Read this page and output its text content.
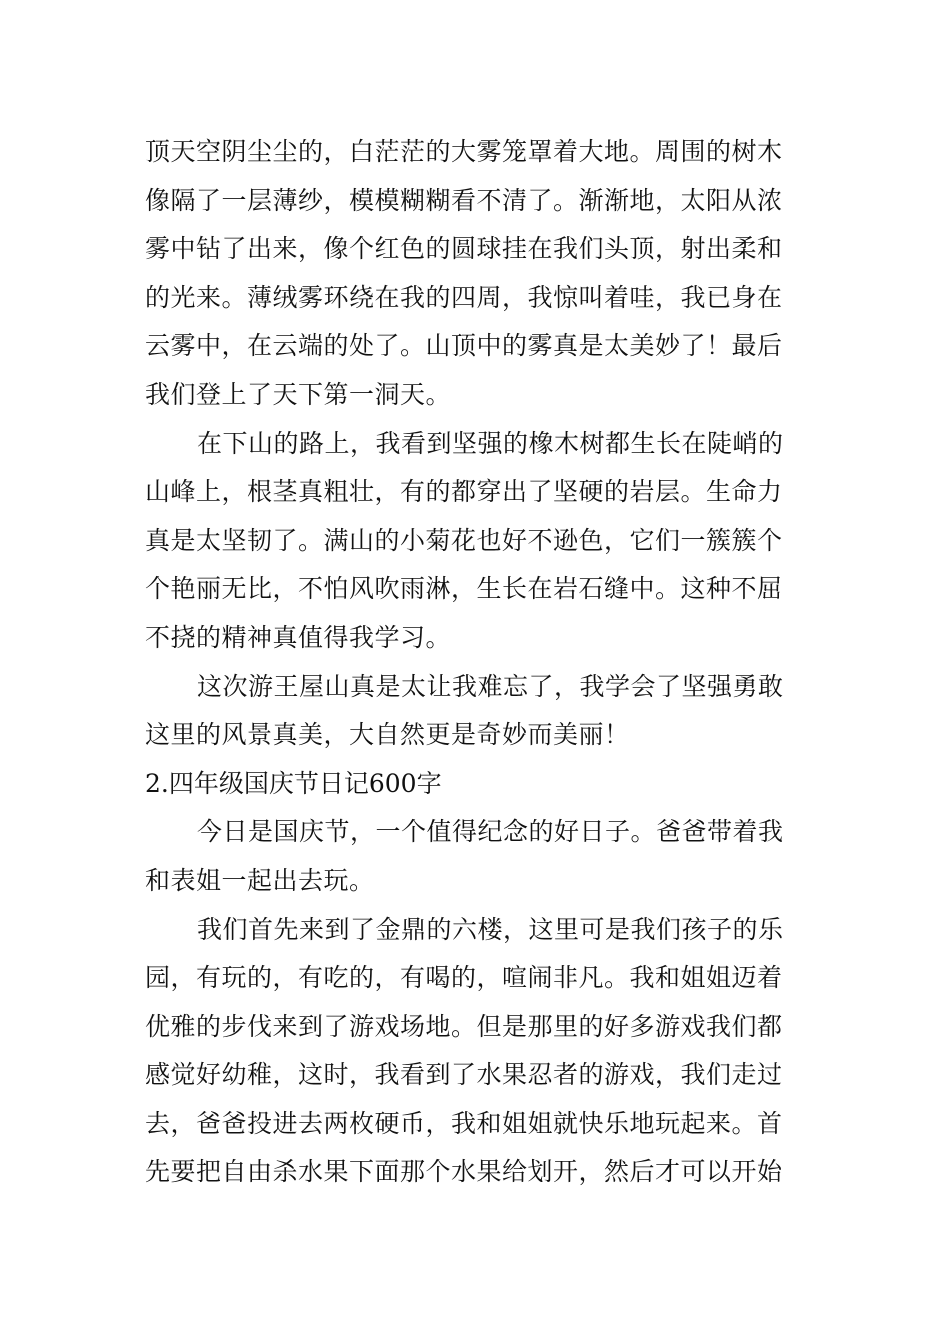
顶天空阴尘尘的，白茫茫的大雾笼罩着大地。周围的树木
像隔了一层薄纱，模模糊糊看不清了。渐渐地，太阳从浓
雾中钻了出来，像个红色的圆球挂在我们头顶，射出柔和
的光来。薄绒雾环绕在我的四周，我惊叫着哇，我已身在
云雾中，在云端的处了。山顶中的雾真是太美妙了！最后
我们登上了天下第一洞天。
在下山的路上，我看到坚强的橡木树都生长在陡峭的
山峰上，根茎真粗壮，有的都穿出了坚硬的岩层。生命力
真是太坚韧了。满山的小菊花也好不逊色，它们一簇簇个
个艳丽无比，不怕风吹雨淋，生长在岩石缝中。这种不屈
不挠的精神真值得我学习。
这次游王屋山真是太让我难忘了，我学会了坚强勇敢
这里的风景真美，大自然更是奇妙而美丽！
2.四年级国庆节日记600字
今日是国庆节，一个值得纪念的好日子。爸爸带着我
和表姐一起出去玩。
我们首先来到了金鼎的六楼，这里可是我们孩子的乐
园，有玩的，有吃的，有喝的，喧闹非凡。我和姐姐迈着
优雅的步伐来到了游戏场地。但是那里的好多游戏我们都
感觉好幼稚，这时，我看到了水果忍者的游戏，我们走过
去，爸爸投进去两枚硬币，我和姐姐就快乐地玩起来。首
先要把自由杀水果下面那个水果给划开，然后才可以开始
